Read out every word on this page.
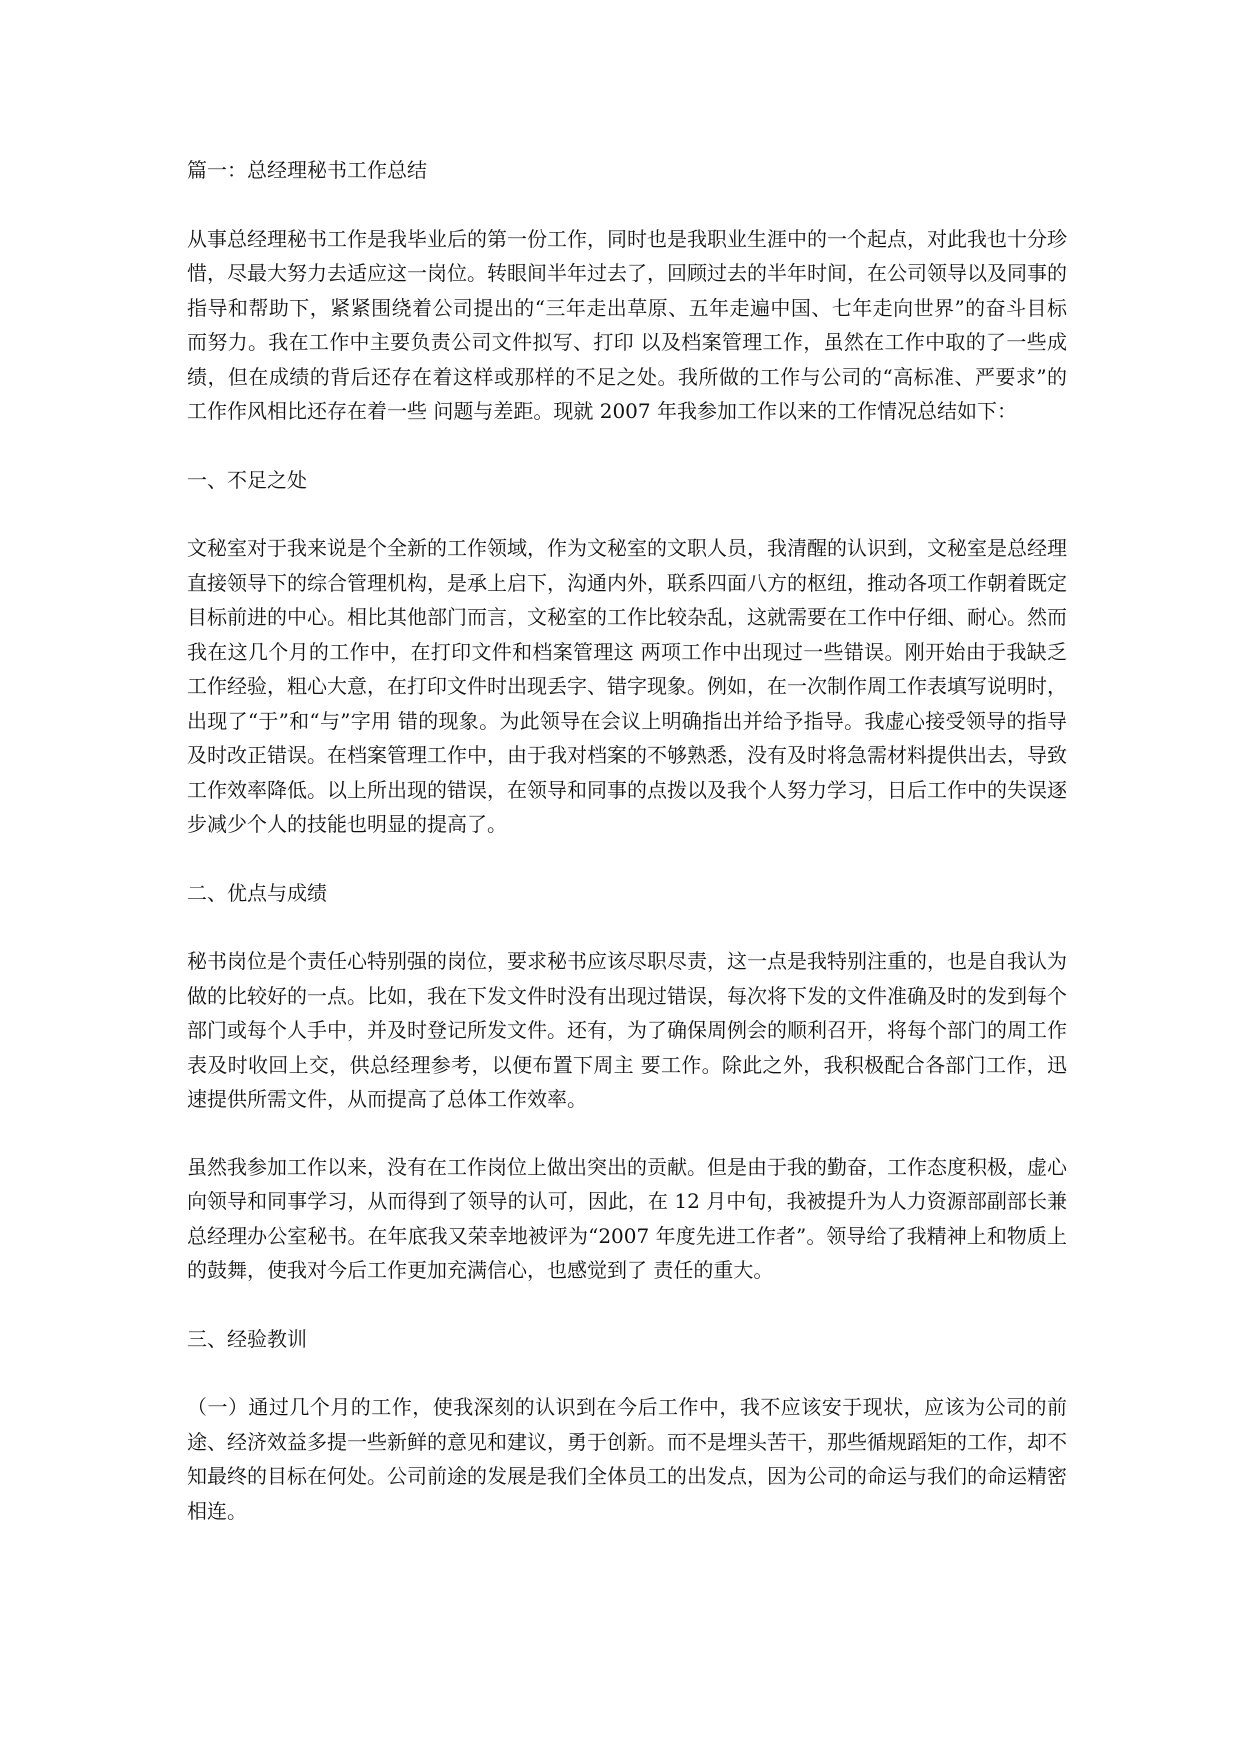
篇一：总经理秘书工作总结

从事总经理秘书工作是我毕业后的第一份工作，同时也是我职业生涯中的一个起点，对此我也十分珍惜，尽最大努力去适应这一岗位。转眼间半年过去了，回顾过去的半年时间，在公司领导以及同事的指导和帮助下，紧紧围绕着公司提出的“三年走出草原、五年走遍中国、七年走向世界”的奋斗目标而努力。我在工作中主要负责公司文件拟写、打印 以及档案管理工作，虽然在工作中取的了一些成绩，但在成绩的背后还存在着这样或那样的不足之处。我所做的工作与公司的“高标准、严要求”的工作作风相比还存在着一些 问题与差距。现就 2007 年我参加工作以来的工作情况总结如下：

一、不足之处

文秘室对于我来说是个全新的工作领域，作为文秘室的文职人员，我清醒的认识到，文秘室是总经理直接领导下的综合管理机构，是承上启下，沟通内外，联系四面八方的枢纽，推动各项工作朝着既定目标前进的中心。相比其他部门而言，文秘室的工作比较杂乱，这就需要在工作中仔细、耐心。然而我在这几个月的工作中，在打印文件和档案管理这 两项工作中出现过一些错误。刚开始由于我缺乏工作经验，粗心大意，在打印文件时出现丢字、错字现象。例如，在一次制作周工作表填写说明时，出现了“于”和“与”字用 错的现象。为此领导在会议上明确指出并给予指导。我虚心接受领导的指导及时改正错误。在档案管理工作中，由于我对档案的不够熟悉，没有及时将急需材料提供出去，导致 工作效率降低。以上所出现的错误，在领导和同事的点拨以及我个人努力学习，日后工作中的失误逐步减少个人的技能也明显的提高了。

二、优点与成绩

秘书岗位是个责任心特别强的岗位，要求秘书应该尽职尽责，这一点是我特别注重的，也是自我认为做的比较好的一点。比如，我在下发文件时没有出现过错误，每次将下发的文件准确及时的发到每个部门或每个人手中，并及时登记所发文件。还有，为了确保周例会的顺利召开，将每个部门的周工作表及时收回上交，供总经理参考，以便布置下周主 要工作。除此之外，我积极配合各部门工作，迅速提供所需文件，从而提高了总体工作效率。

虽然我参加工作以来，没有在工作岗位上做出突出的贡献。但是由于我的勤奋，工作态度积极，虚心向领导和同事学习，从而得到了领导的认可，因此，在 12 月中旬，我被提升为人力资源部副部长兼总经理办公室秘书。在年底我又荣幸地被评为“2007 年度先进工作者”。领导给了我精神上和物质上的鼓舞，使我对今后工作更加充满信心，也感觉到了 责任的重大。

三、经验教训

（一）通过几个月的工作，使我深刻的认识到在今后工作中，我不应该安于现状，应该为公司的前途、经济效益多提一些新鲜的意见和建议，勇于创新。而不是埋头苦干，那些循规蹈矩的工作，却不知最终的目标在何处。公司前途的发展是我们全体员工的出发点，因为公司的命运与我们的命运精密相连。
